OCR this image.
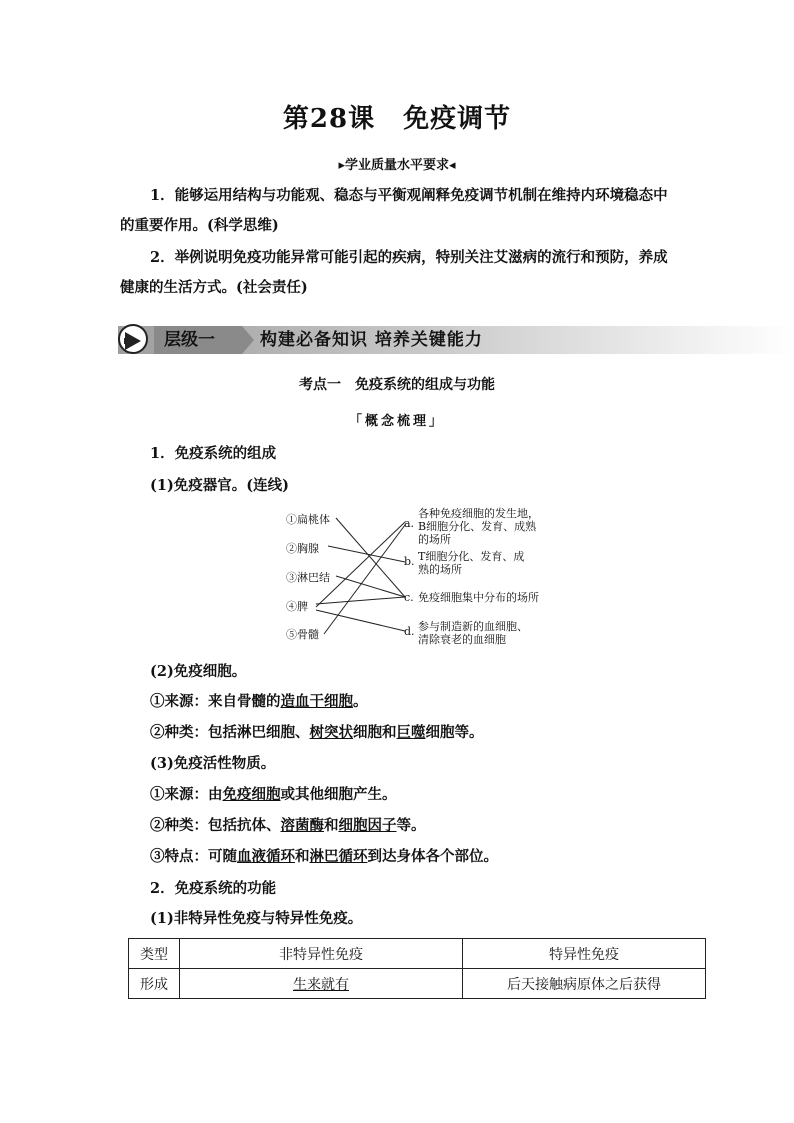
第28课 免疫调节
▸学业质量水平要求◂
1．能够运用结构与功能观、稳态与平衡观阐释免疫调节机制在维持内环境稳态中的重要作用。(科学思维)
2．举例说明免疫功能异常可能引起的疾病，特别关注艾滋病的流行和预防，养成健康的生活方式。(社会责任)
层级一	构建必备知识 培养关键能力
考点一 免疫系统的组成与功能
「概念梳理」
1．免疫系统的组成
(1)免疫器官。(连线)
①扁桃体
②胸腺
③淋巴结
④脾
⑤骨髓
a.
各种免疫细胞的发生地，
B细胞分化、发育、成熟
的场所
b. T细胞分化、发育、成
熟的场所
c. 免疫细胞集中分布的场所
d. 参与制造新的血细胞、
清除衰老的血细胞
(2)免疫细胞。
①来源：来自骨髓的造血干细胞。
②种类：包括淋巴细胞、树突状细胞和巨噬细胞等。
(3)免疫活性物质。
①来源：由免疫细胞或其他细胞产生。
②种类：包括抗体、溶菌酶和细胞因子等。
③特点：可随血液循环和淋巴循环到达身体各个部位。
2．免疫系统的功能
(1)非特异性免疫与特异性免疫。
类型	非特异性免疫	特异性免疫
形成	生来就有	后天接触病原体之后获得
